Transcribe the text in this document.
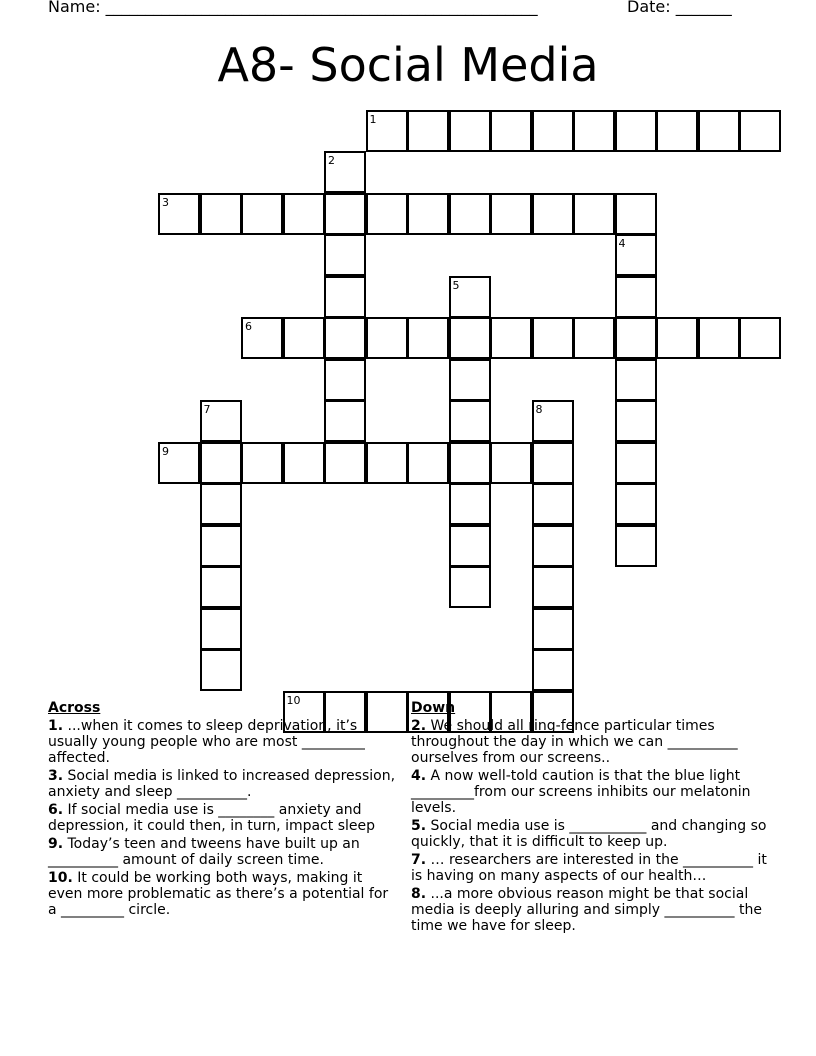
Name: ______________________________________________________	Date: _______
A8- Social Media
1
2
3
4
5
6
7	8
9
10
Across
1. ...when it comes to sleep deprivation, it’s usually young people who are most _________ affected.
3. Social media is linked to increased depression, anxiety and sleep __________.
6. If social media use is ________ anxiety and depression, it could then, in turn, impact sleep
9. Today’s teen and tweens have built up an __________ amount of daily screen time.
10. It could be working both ways, making it even more problematic as there’s a potential for a _________ circle.
Down
2. We should all ring-fence particular times throughout the day in which we can __________ ourselves from our screens..
4. A now well-told caution is that the blue light _________from our screens inhibits our melatonin levels.
5. Social media use is ___________ and changing so quickly, that it is difficult to keep up.
7. … researchers are interested in the __________ it is having on many aspects of our health…
8. ...a more obvious reason might be that social media is deeply alluring and simply __________ the time we have for sleep.
